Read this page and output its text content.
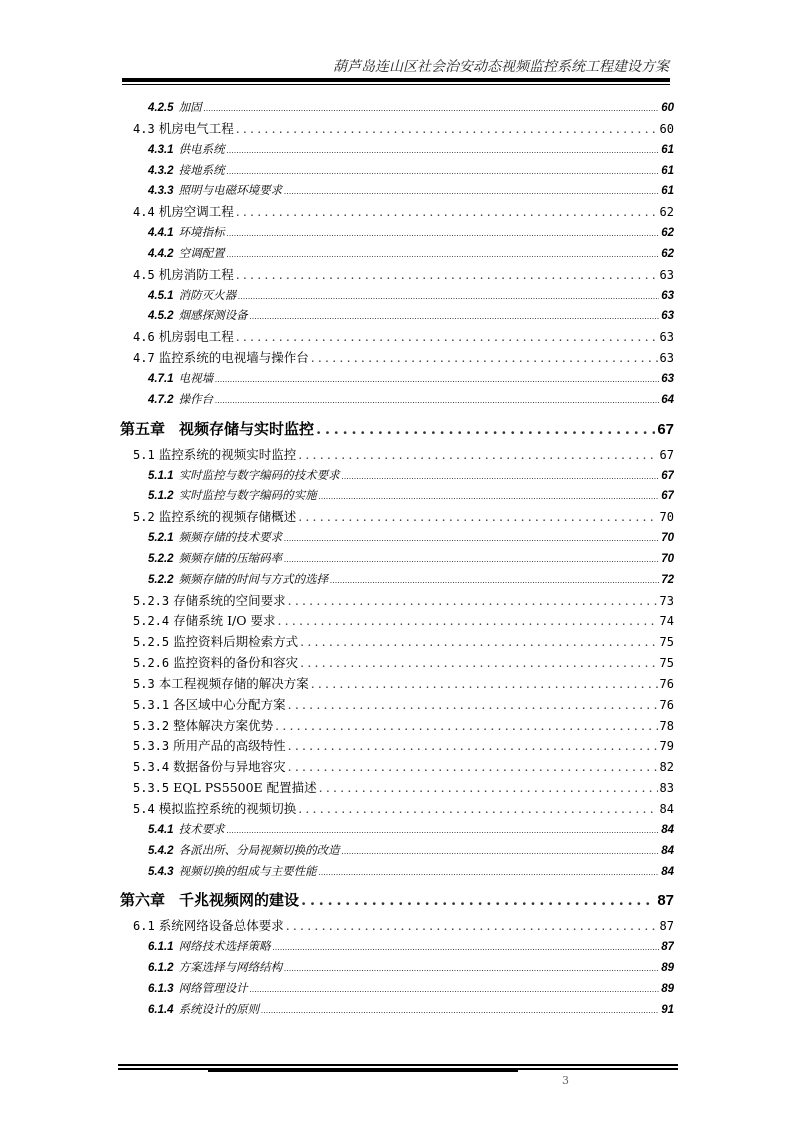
葫芦岛连山区社会治安动态视频监控系统工程建设方案
4.2.5 加固 .....	60
4.3 机房电气工程 .....	60
4.3.1 供电系统 .....	61
4.3.2 接地系统 .....	61
4.3.3 照明与电磁环境要求 .....	61
4.4 机房空调工程 .....	62
4.4.1 环境指标 .....	62
4.4.2 空调配置 .....	62
4.5 机房消防工程 .....	63
4.5.1 消防灭火器 .....	63
4.5.2 烟感探测设备 .....	63
4.6 机房弱电工程 .....	63
4.7 监控系统的电视墙与操作台 .....	63
4.7.1 电视墙 .....	63
4.7.2 操作台 .....	64
第五章 视频存储与实时监控 .....	67
5.1 监控系统的视频实时监控 .....	67
5.1.1 实时监控与数字编码的技术要求 .....	67
5.1.2 实时监控与数字编码的实施 .....	67
5.2 监控系统的视频存储概述 .....	70
5.2.1 频频存储的技术要求 .....	70
5.2.2 频频存储的压缩码率 .....	70
5.2.2 频频存储的时间与方式的选择 .....	72
5.2.3 存储系统的空间要求 .....	73
5.2.4 存储系统 I/O 要求 .....	74
5.2.5 监控资料后期检索方式 .....	75
5.2.6 监控资料的备份和容灾 .....	75
5.3 本工程视频存储的解决方案 .....	76
5.3.1 各区域中心分配方案 .....	76
5.3.2 整体解决方案优势 .....	78
5.3.3 所用产品的高级特性 .....	79
5.3.4 数据备份与异地容灾 .....	82
5.3.5 EQL PS5500E 配置描述 .....	83
5.4 模拟监控系统的视频切换 .....	84
5.4.1 技术要求 .....	84
5.4.2 各派出所、分局视频切换的改造 .....	84
5.4.3 视频切换的组成与主要性能 .....	84
第六章 千兆视频网的建设 .....	87
6.1 系统网络设备总体要求 .....	87
6.1.1 网络技术选择策略 .....	87
6.1.2 方案选择与网络结构 .....	89
6.1.3 网络管理设计 .....	89
6.1.4 系统设计的原则 .....	91
3
